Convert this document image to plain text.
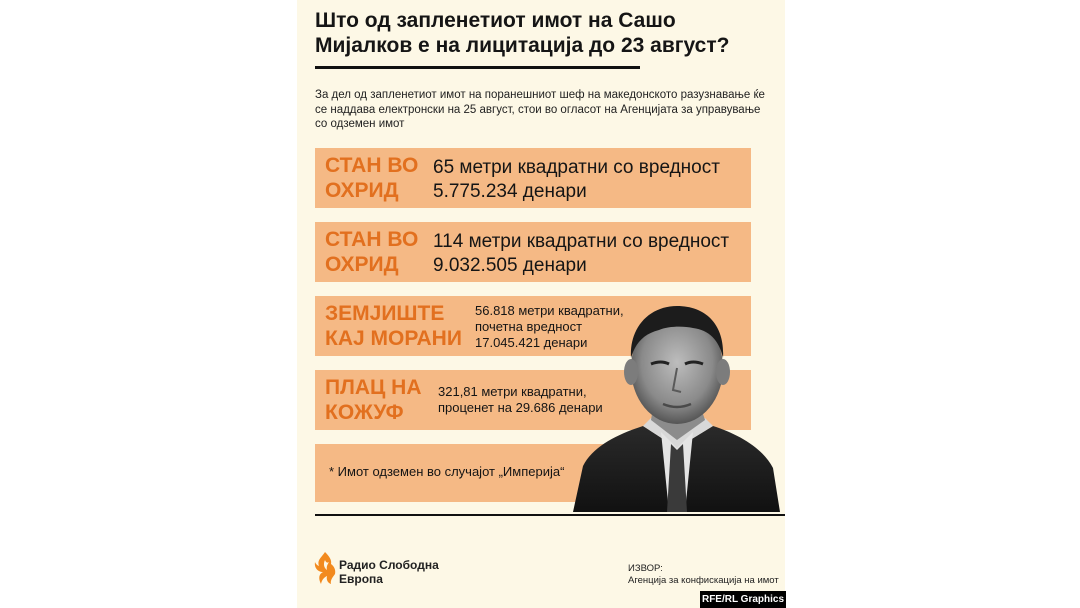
Што од запленетиот имот на Сашо Мијалков е на лицитација до 23 август?
За дел од запленетиот имот на поранешниот шеф на македонското разузнавање ќе се наддава електронски на 25 август, стои во огласот на Агенцијата за управување со одземен имот
СТАН ВО
ОХРИД
65 метри квадратни со вредност
5.775.234 денари
СТАН ВО
ОХРИД
114 метри квадратни со вредност
9.032.505 денари
ЗЕМЈИШТЕ
КАЈ МОРАНИ
56.818 метри квадратни,
почетна вредност
17.045.421 денари
ПЛАЦ НА
КОЖУФ
321,81 метри квадратни,
проценет на 29.686 денари
* Имот одземен во случајот „Империја“
Радио Слободна
Европа
ИЗВОР:
Агенција за конфискација на имот
RFE/RL Graphics
